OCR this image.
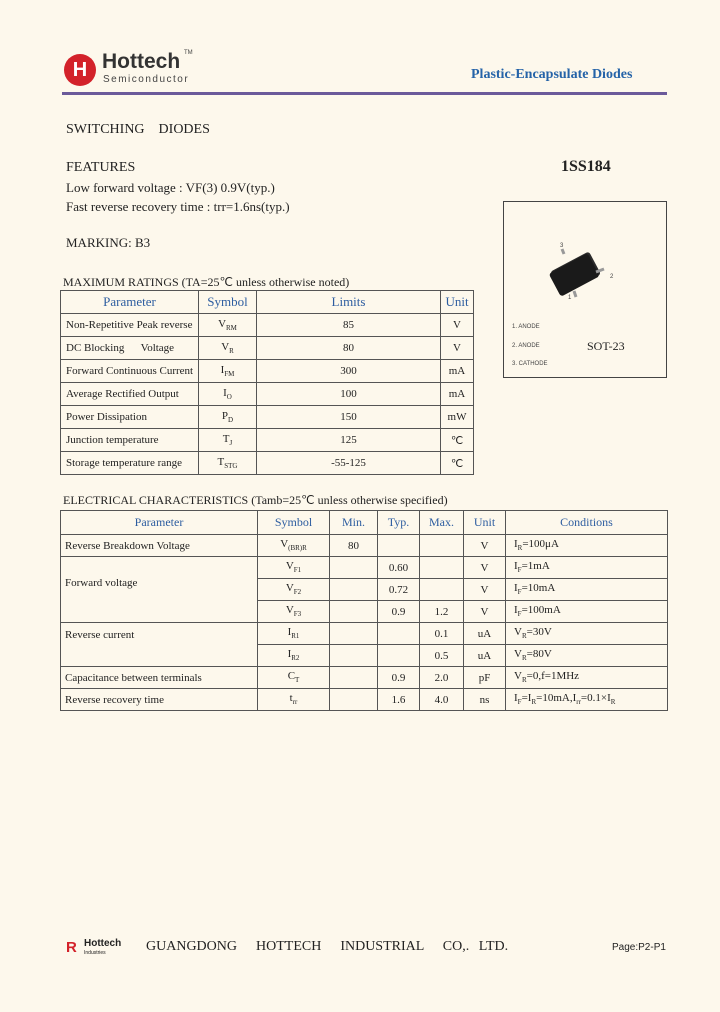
H Hottech TM
Semiconductor	Plastic-Encapsulate Diodes
SWITCHING    DIODES
FEATURES	1SS184
Low forward voltage : VF(3) 0.9V(typ.)
Fast reverse recovery time : trr=1.6ns(typ.)
MARKING: B3	3
2
1
1. ANODE
2. ANODE
3. CATHODE
SOT-23
MAXIMUM RATINGS (TA=25℃ unless otherwise noted)
Parameter	Symbol	Limits	Unit
Non-Repetitive Peak reverse	$V_{RM}$	85	V
DC Blocking      Voltage	$V_R$	80	V
Forward Continuous Current	$I_{FM}$	300	mA
Average Rectified Output	$I_O$	100	mA
Power Dissipation	$P_D$	150	mW
Junction temperature	$T_J$	125	℃
Storage temperature range	$T_{STG}$	-55-125	℃
ELECTRICAL CHARACTERISTICS (Tamb=25℃ unless otherwise specified)
Parameter	Symbol	Min.	Typ.	Max.	Unit	Conditions
Reverse Breakdown Voltage	$V_{(BR)R}$	80			V	$I_R=100\mu A$
Forward voltage	$V_{F1}$		0.60		V	$I_F=1mA$
	$V_{F2}$		0.72		V	$I_F=10mA$
	$V_{F3}$		0.9	1.2	V	$I_F=100mA$
Reverse current	$I_{R1}$			0.1	uA	$V_R=30V$
	$I_{R2}$			0.5	uA	$V_R=80V$
Capacitance between terminals	$C_T$		0.9	2.0	pF	$V_R=0,f=1MHz$
Reverse recovery time	$t_{rr}$		1.6	4.0	ns	$I_F=I_R=10mA,I_{rr}=0.1\times I_R$
R Hottech
Industries	GUANGDONG  HOTTECH  INDUSTRIAL  CO,. LTD.	Page:P2-P1
